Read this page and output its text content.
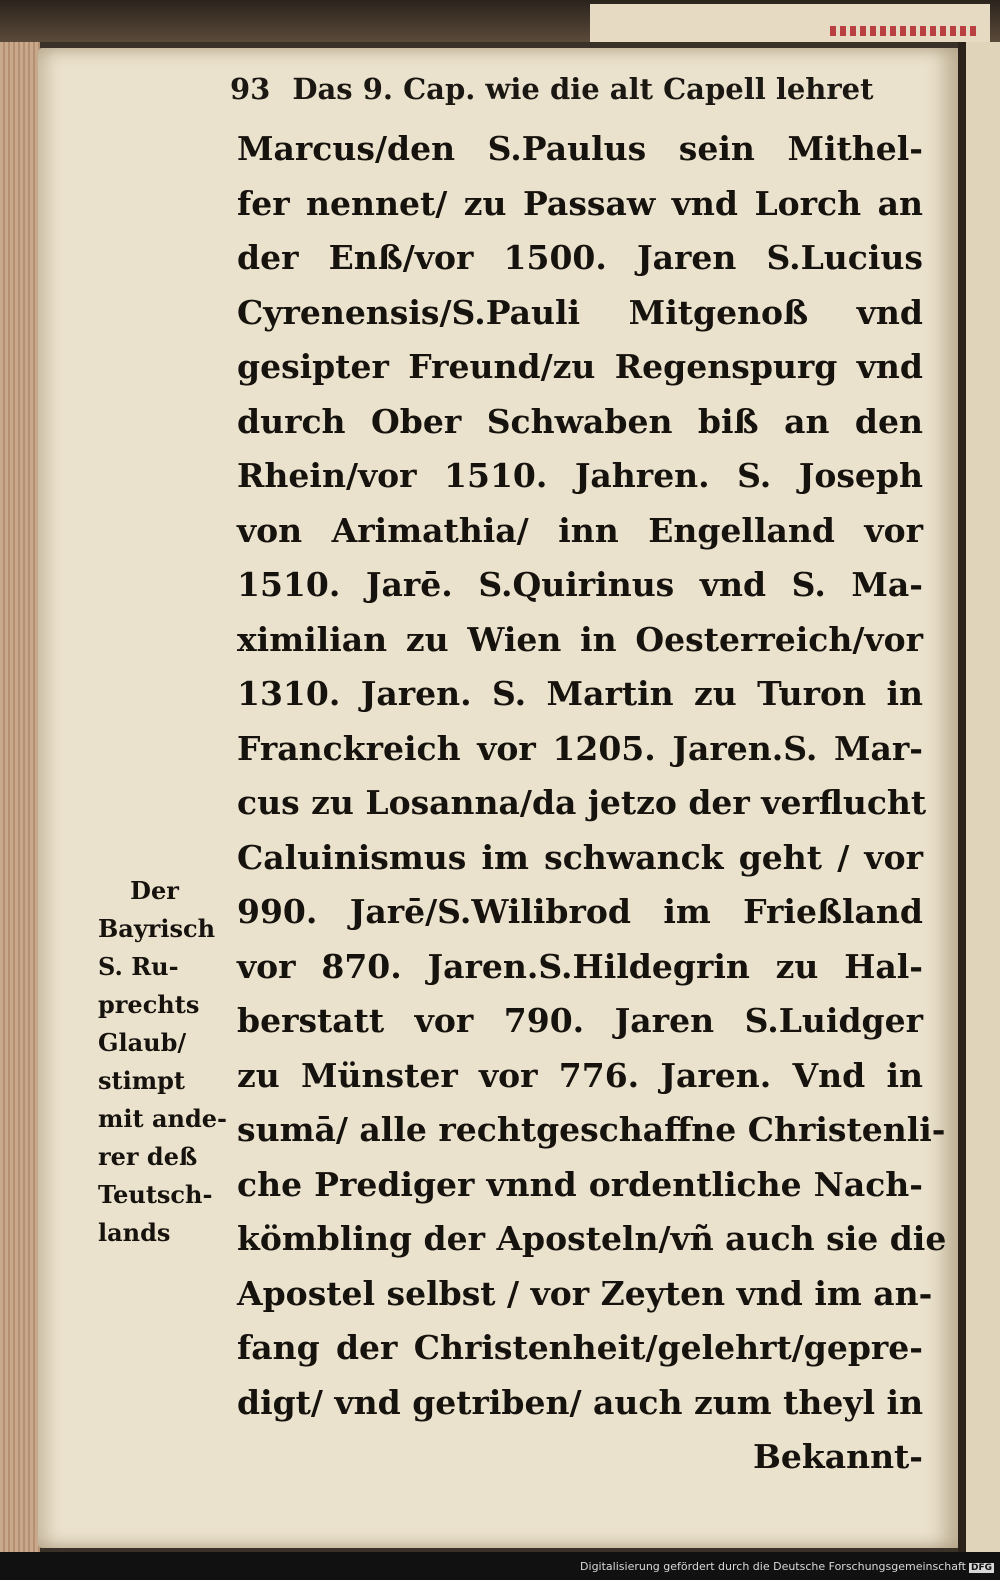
93 Das 9. Cap. wie die alt Capell lehret
Marcus/den S.Paulus sein Mithel-
fer nennet/ zu Passaw vnd Lorch an
der Enß/vor 1500. Jaren S.Lucius
Cyrenensis/S.Pauli Mitgenoß vnd
gesipter Freund/zu Regenspurg vnd
durch Ober Schwaben biß an den
Rhein/vor 1510. Jahren. S. Joseph
von Arimathia/ inn Engelland vor
1510. Jarē. S.Quirinus vnd S. Ma-
ximilian zu Wien in Oesterreich/vor
1310. Jaren. S. Martin zu Turon in
Franckreich vor 1205. Jaren.S. Mar-
cus zu Losanna/da jetzo der verflucht
Caluinismus im schwanck geht / vor
990. Jarē/S.Wilibrod im Frießland
vor 870. Jaren.S.Hildegrin zu Hal-
berstatt vor 790. Jaren S.Luidger
zu Münster vor 776. Jaren. Vnd in
sumā/ alle rechtgeschaffne Christenli-
che Prediger vnnd ordentliche Nach-
kömbling der Aposteln/vñ auch sie die
Apostel selbst / vor Zeyten vnd im an-
fang der Christenheit/gelehrt/gepre-
digt/ vnd getriben/ auch zum theyl in
Bekannt-
Der
Bayrisch
S. Ru-
prechts
Glaub/
stimpt
mit ande-
rer deß
Teutsch-
lands
Digitalisierung gefördert durch die Deutsche Forschungsgemeinschaft DFG
